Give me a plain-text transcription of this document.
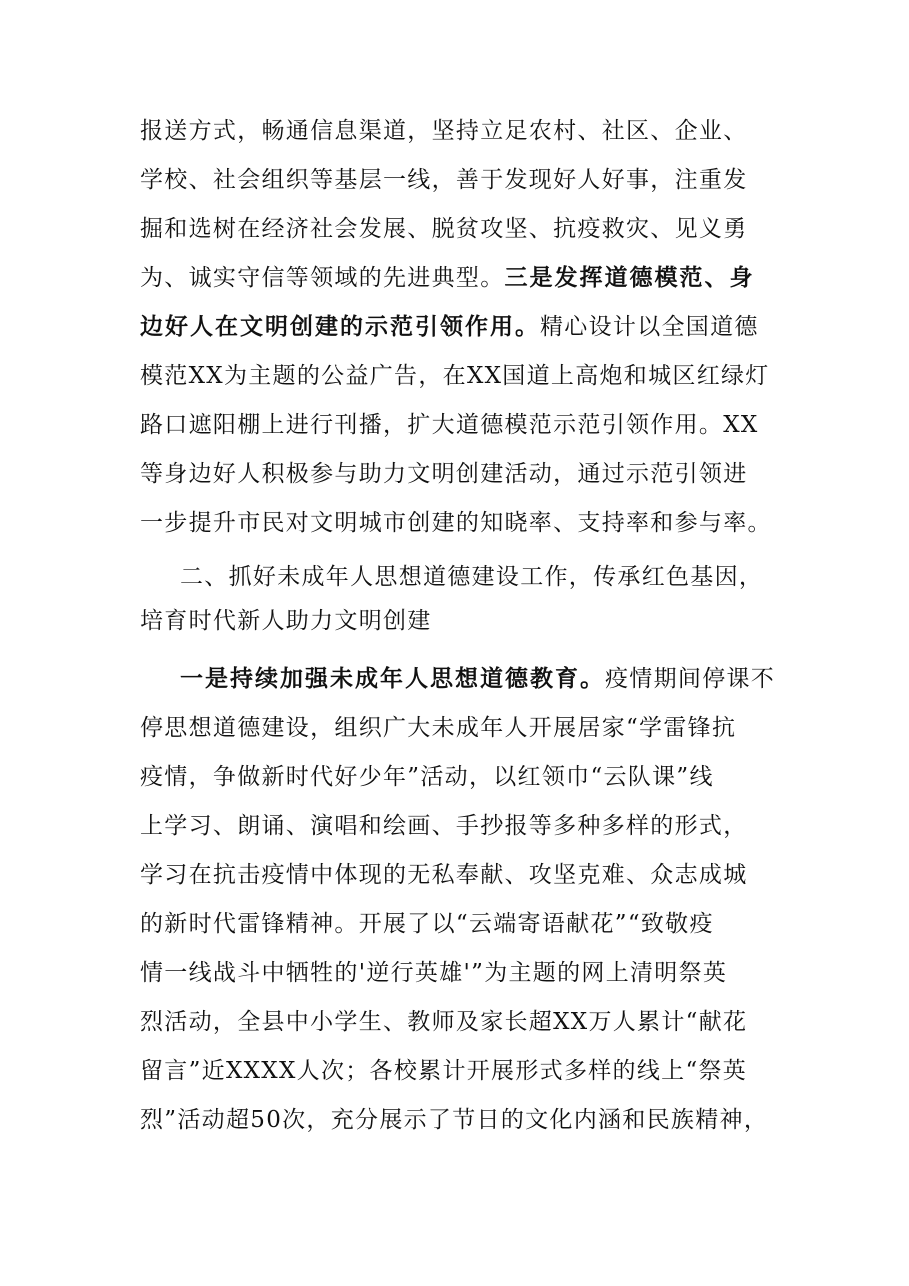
报送方式，畅通信息渠道，坚持立足农村、社区、企业、
学校、社会组织等基层一线，善于发现好人好事，注重发
掘和选树在经济社会发展、脱贫攻坚、抗疫救灾、见义勇
为、诚实守信等领域的先进典型。三是发挥道德模范、身
边好人在文明创建的示范引领作用。精心设计以全国道德
模范XX为主题的公益广告，在XX国道上高炮和城区红绿灯
路口遮阳棚上进行刊播，扩大道德模范示范引领作用。XX
等身边好人积极参与助力文明创建活动，通过示范引领进
一步提升市民对文明城市创建的知晓率、支持率和参与率。
二、抓好未成年人思想道德建设工作，传承红色基因，
培育时代新人助力文明创建
一是持续加强未成年人思想道德教育。疫情期间停课不
停思想道德建设，组织广大未成年人开展居家“学雷锋抗
疫情，争做新时代好少年”活动，以红领巾“云队课”线
上学习、朗诵、演唱和绘画、手抄报等多种多样的形式，
学习在抗击疫情中体现的无私奉献、攻坚克难、众志成城
的新时代雷锋精神。开展了以“云端寄语献花”“致敬疫
情一线战斗中牺牲的'逆行英雄'”为主题的网上清明祭英
烈活动，全县中小学生、教师及家长超XX万人累计“献花
留言”近XXXX人次；各校累计开展形式多样的线上“祭英
烈”活动超50次，充分展示了节日的文化内涵和民族精神，
